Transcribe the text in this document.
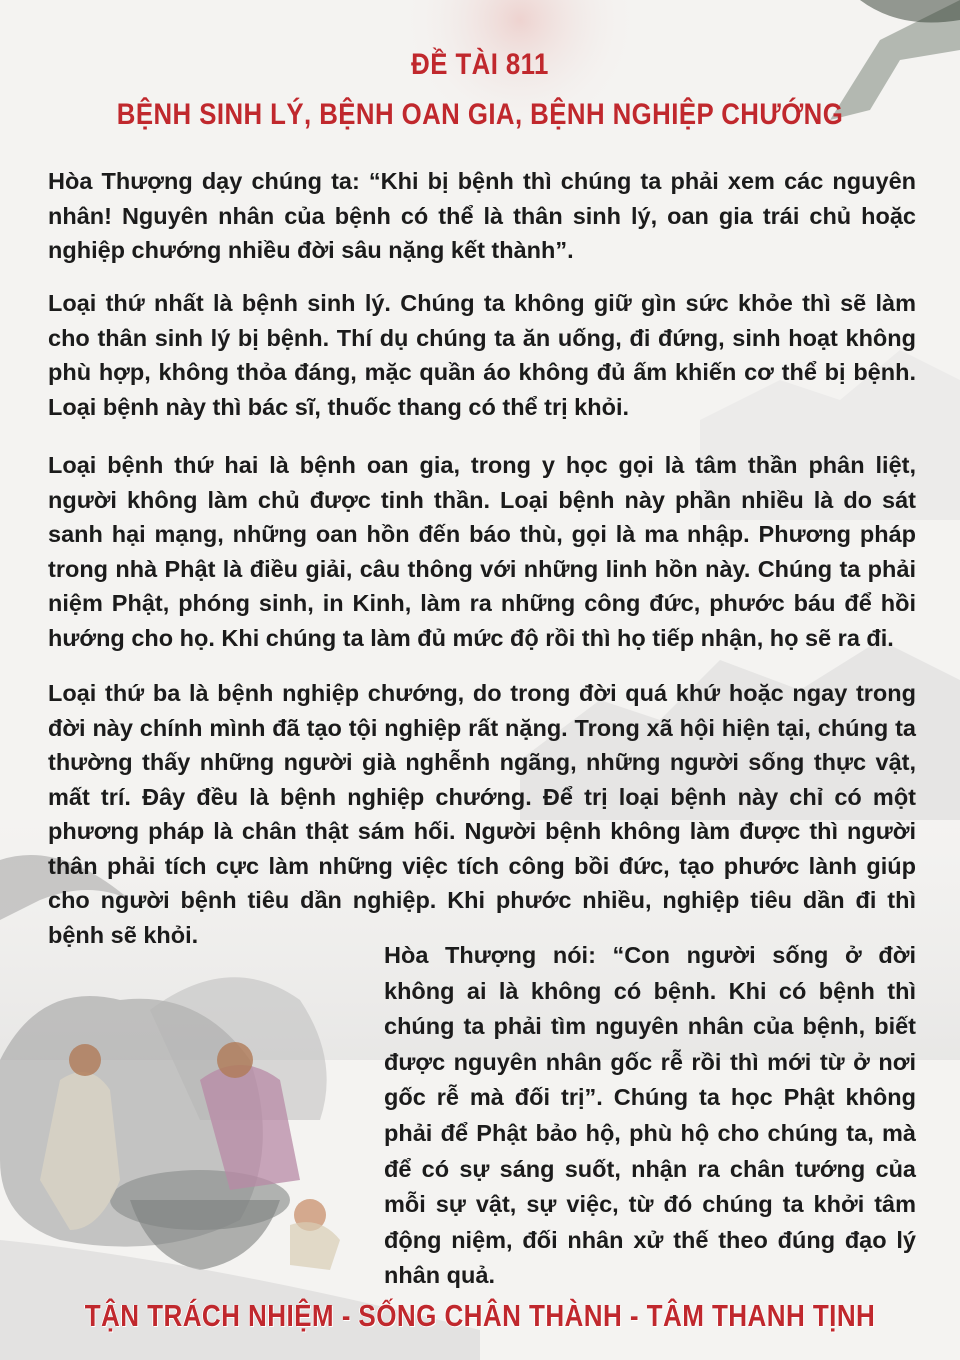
ĐỀ TÀI 811
BỆNH SINH LÝ, BỆNH OAN GIA, BỆNH NGHIỆP CHƯỚNG

Hòa Thượng dạy chúng ta: “Khi bị bệnh thì chúng ta phải xem các nguyên nhân! Nguyên nhân của bệnh có thể là thân sinh lý, oan gia trái chủ hoặc nghiệp chướng nhiều đời sâu nặng kết thành”.

Loại thứ nhất là bệnh sinh lý. Chúng ta không giữ gìn sức khỏe thì sẽ làm cho thân sinh lý bị bệnh. Thí dụ chúng ta ăn uống, đi đứng, sinh hoạt không phù hợp, không thỏa đáng, mặc quần áo không đủ ấm khiến cơ thể bị bệnh. Loại bệnh này thì bác sĩ, thuốc thang có thể trị khỏi.

Loại bệnh thứ hai là bệnh oan gia, trong y học gọi là tâm thần phân liệt, người không làm chủ được tinh thần. Loại bệnh này phần nhiều là do sát sanh hại mạng, những oan hồn đến báo thù, gọi là ma nhập. Phương pháp trong nhà Phật là điều giải, câu thông với những linh hồn này. Chúng ta phải niệm Phật, phóng sinh, in Kinh, làm ra những công đức, phước báu để hồi hướng cho họ. Khi chúng ta làm đủ mức độ rồi thì họ tiếp nhận, họ sẽ ra đi.

Loại thứ ba là bệnh nghiệp chướng, do trong đời quá khứ hoặc ngay trong đời này chính mình đã tạo tội nghiệp rất nặng. Trong xã hội hiện tại, chúng ta thường thấy những người già nghễnh ngãng, những người sống thực vật, mất trí. Đây đều là bệnh nghiệp chướng. Để trị loại bệnh này chỉ có một phương pháp là chân thật sám hối. Người bệnh không làm được thì người thân phải tích cực làm những việc tích công bồi đức, tạo phước lành giúp cho người bệnh tiêu dần nghiệp. Khi phước nhiều, nghiệp tiêu dần đi thì bệnh sẽ khỏi.

Hòa Thượng nói: “Con người sống ở đời không ai là không có bệnh. Khi có bệnh thì chúng ta phải tìm nguyên nhân của bệnh, biết được nguyên nhân gốc rễ rồi thì mới từ ở nơi gốc rễ mà đối trị”. Chúng ta học Phật không phải để Phật bảo hộ, phù hộ cho chúng ta, mà để có sự sáng suốt, nhận ra chân tướng của mỗi sự vật, sự việc, từ đó chúng ta khởi tâm động niệm, đối nhân xử thế theo đúng đạo lý nhân quả.

TẬN TRÁCH NHIỆM - SỐNG CHÂN THÀNH - TÂM THANH TỊNH
